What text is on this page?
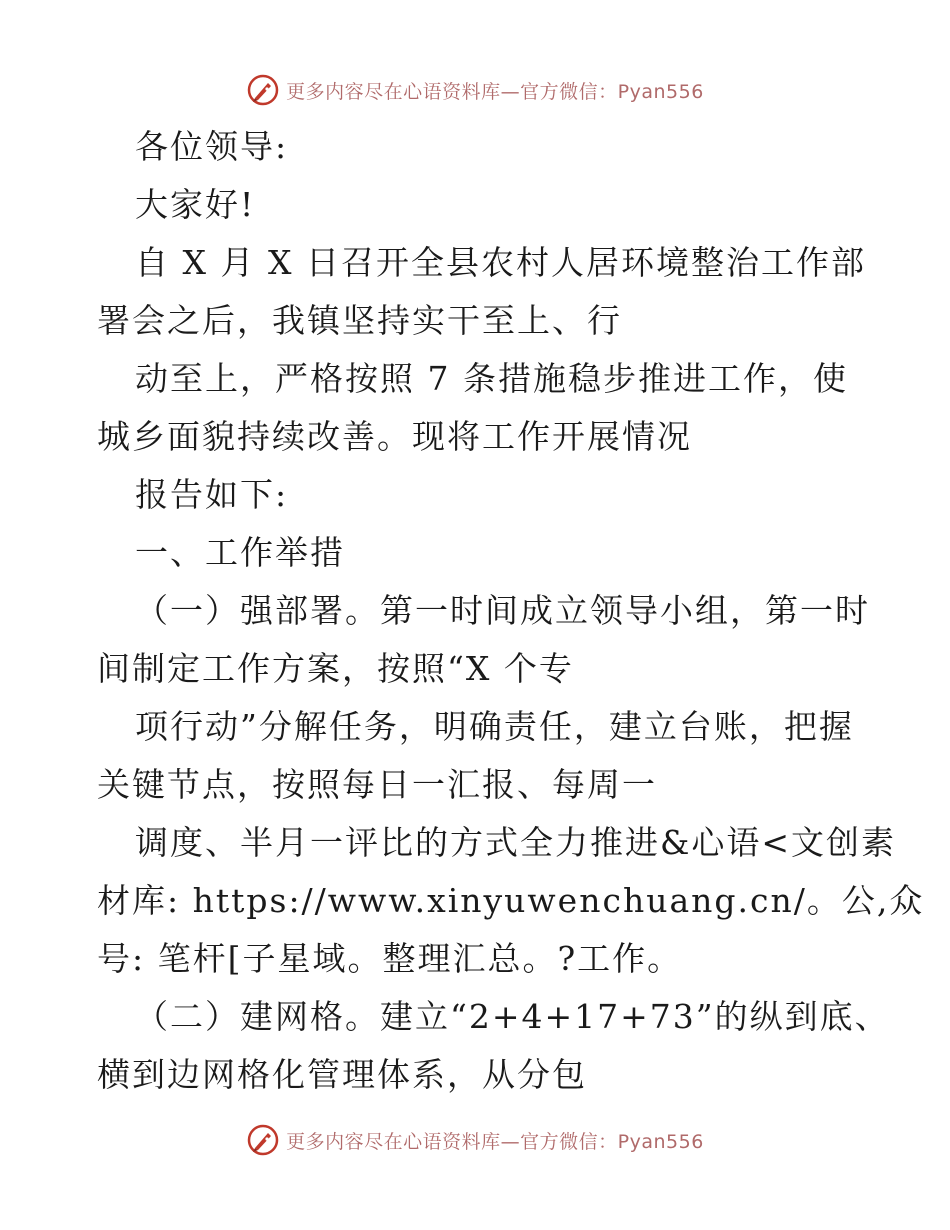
更多内容尽在心语资料库—官方微信：Pyan556
各位领导:
大家好!
自 X 月 X 日召开全县农村人居环境整治工作部
署会之后，我镇坚持实干至上、行
动至上，严格按照 7 条措施稳步推进工作，使
城乡面貌持续改善。现将工作开展情况
报告如下:
一、工作举措
（一）强部署。第一时间成立领导小组，第一时
间制定工作方案，按照“X 个专
项行动”分解任务，明确责任，建立台账，把握
关键节点，按照每日一汇报、每周一
调度、半月一评比的方式全力推进&心语<文创素
材库: https://www.xinyuwenchuang.cn/。公,众
号: 笔杆[子星域。整理汇总。?工作。
（二）建网格。建立“2+4+17+73”的纵到底、
横到边网格化管理体系，从分包
更多内容尽在心语资料库—官方微信：Pyan556
